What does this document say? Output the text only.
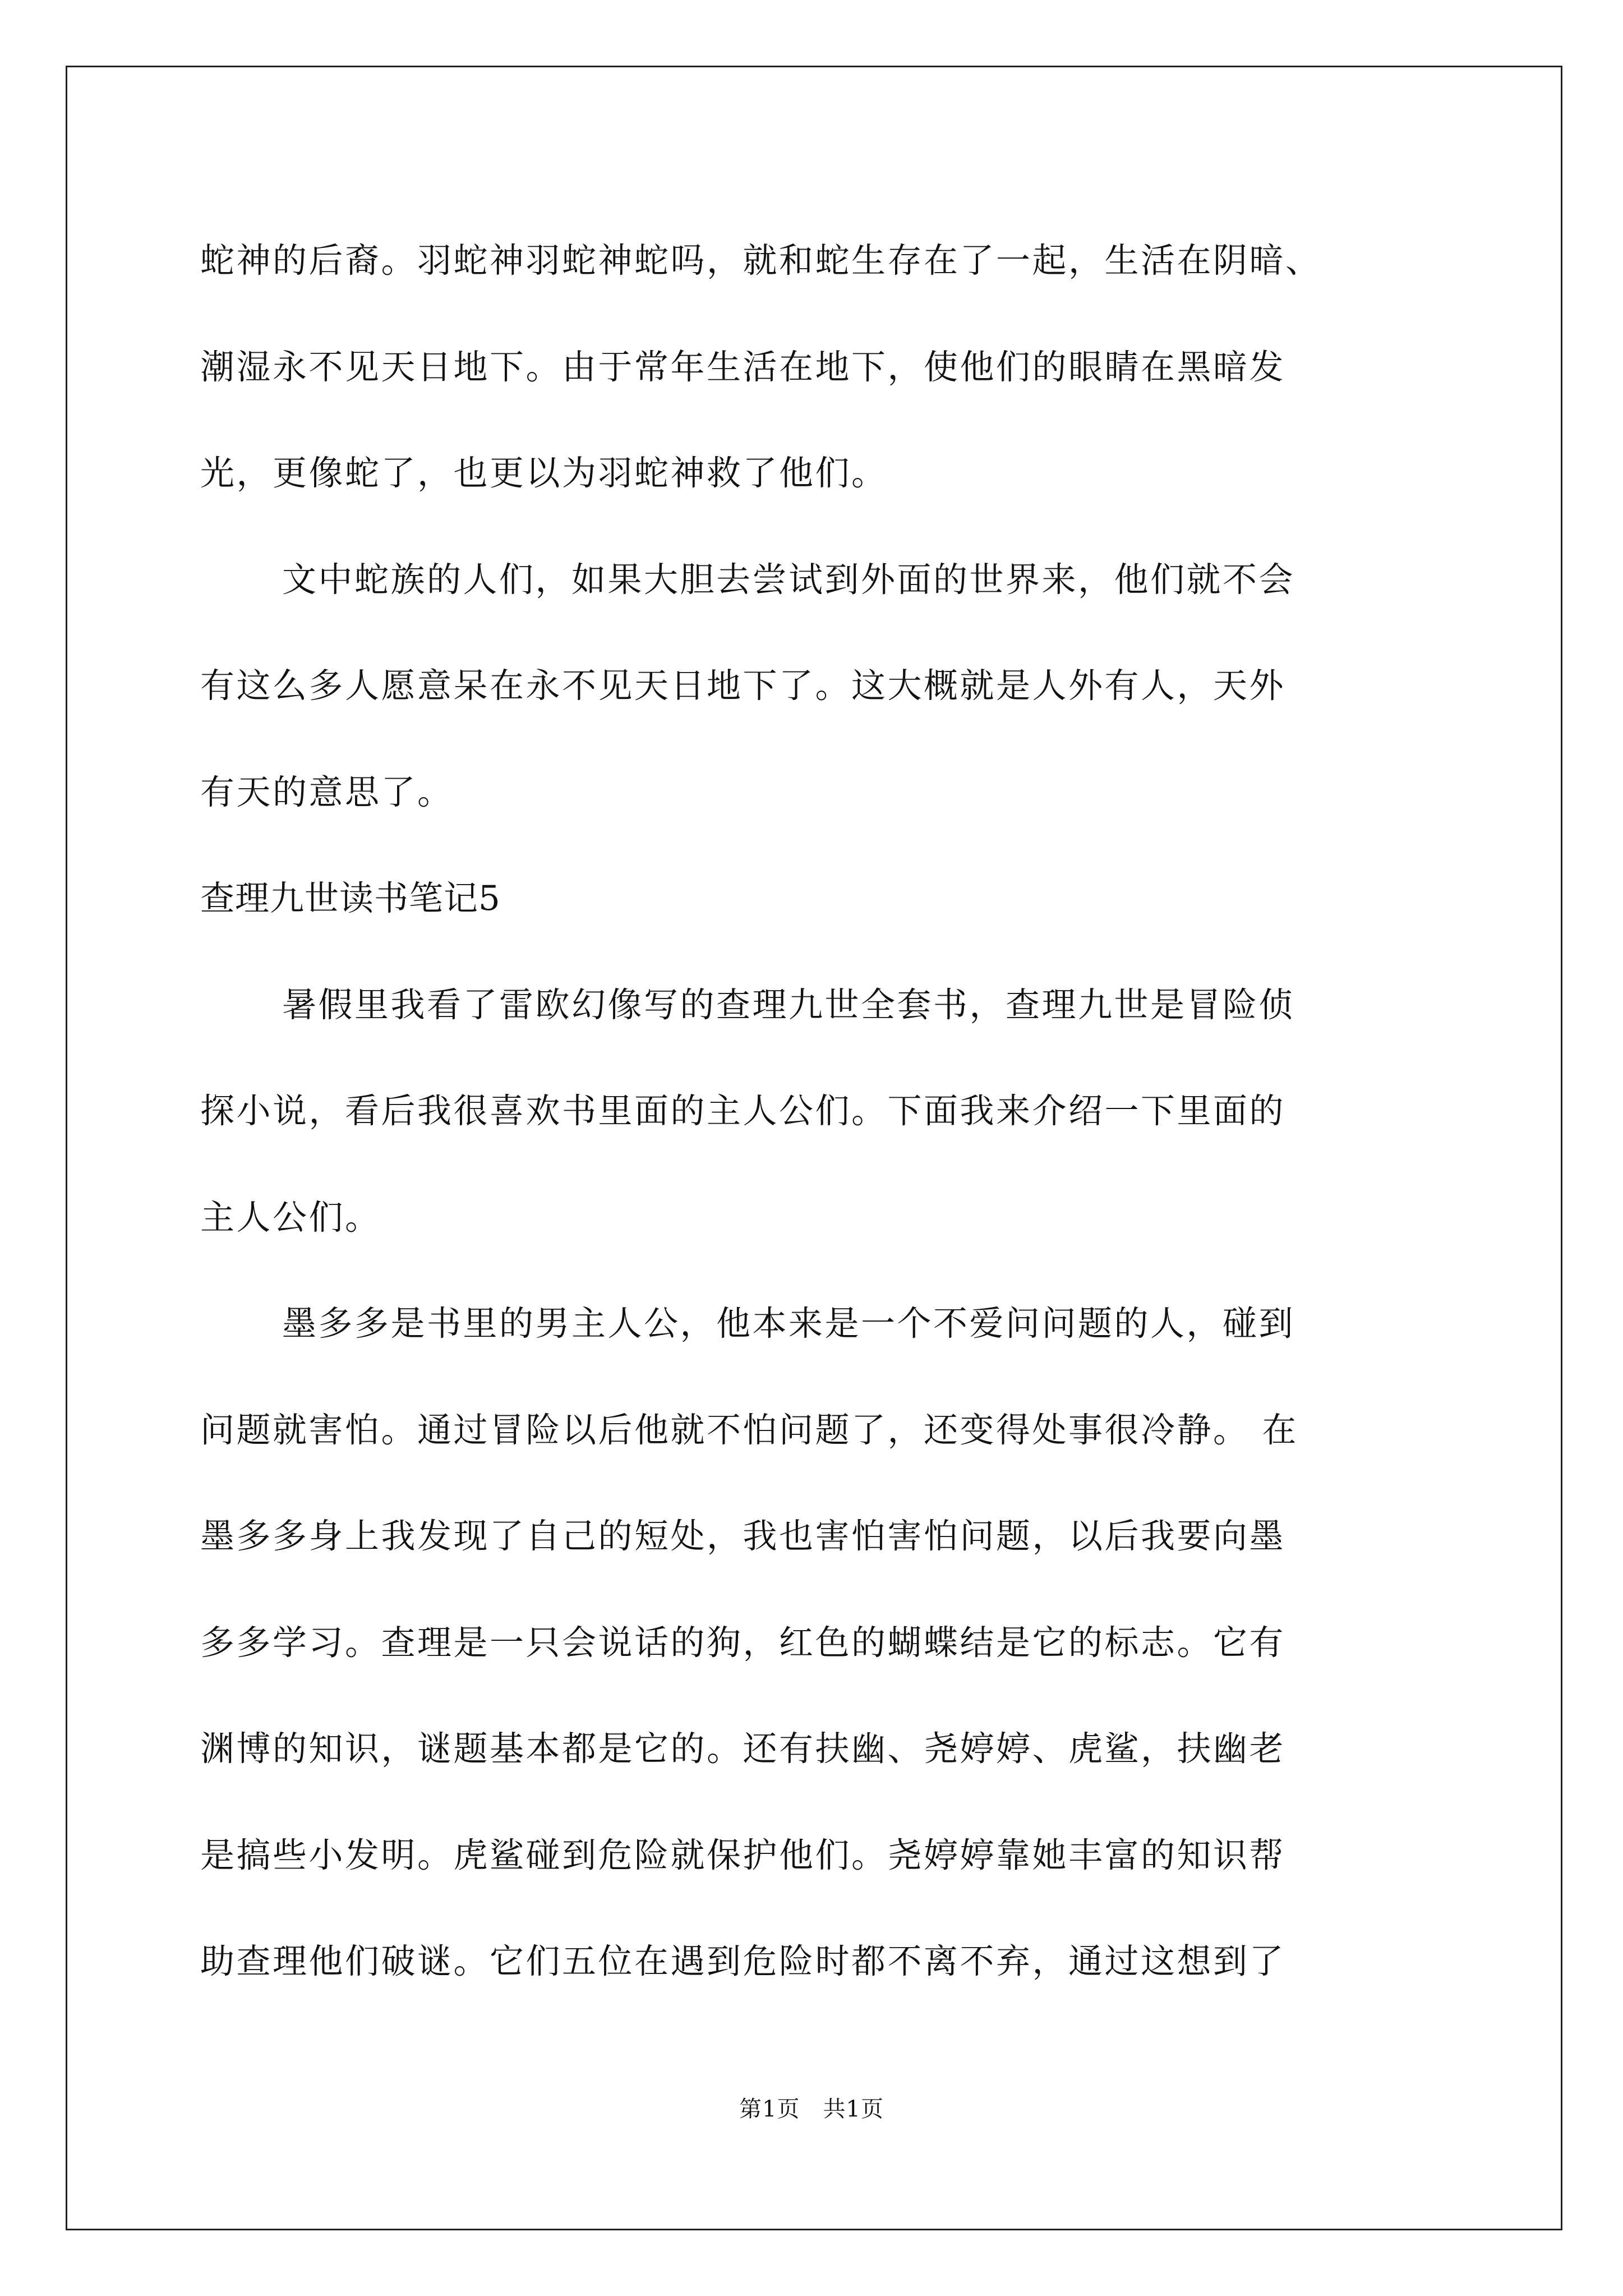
蛇神的后裔。羽蛇神羽蛇神蛇吗，就和蛇生存在了一起，生活在阴暗、
潮湿永不见天日地下。由于常年生活在地下，使他们的眼睛在黑暗发
光，更像蛇了，也更以为羽蛇神救了他们。
文中蛇族的人们，如果大胆去尝试到外面的世界来，他们就不会
有这么多人愿意呆在永不见天日地下了。这大概就是人外有人，天外
有天的意思了。
查理九世读书笔记5
暑假里我看了雷欧幻像写的查理九世全套书，查理九世是冒险侦
探小说，看后我很喜欢书里面的主人公们。下面我来介绍一下里面的
主人公们。
墨多多是书里的男主人公，他本来是一个不爱问问题的人，碰到
问题就害怕。通过冒险以后他就不怕问题了，还变得处事很冷静。 在
墨多多身上我发现了自己的短处，我也害怕害怕问题，以后我要向墨
多多学习。查理是一只会说话的狗，红色的蝴蝶结是它的标志。它有
渊博的知识，谜题基本都是它的。还有扶幽、尧婷婷、虎鲨，扶幽老
是搞些小发明。虎鲨碰到危险就保护他们。尧婷婷靠她丰富的知识帮
助查理他们破谜。它们五位在遇到危险时都不离不弃，通过这想到了
第1页　共1页
